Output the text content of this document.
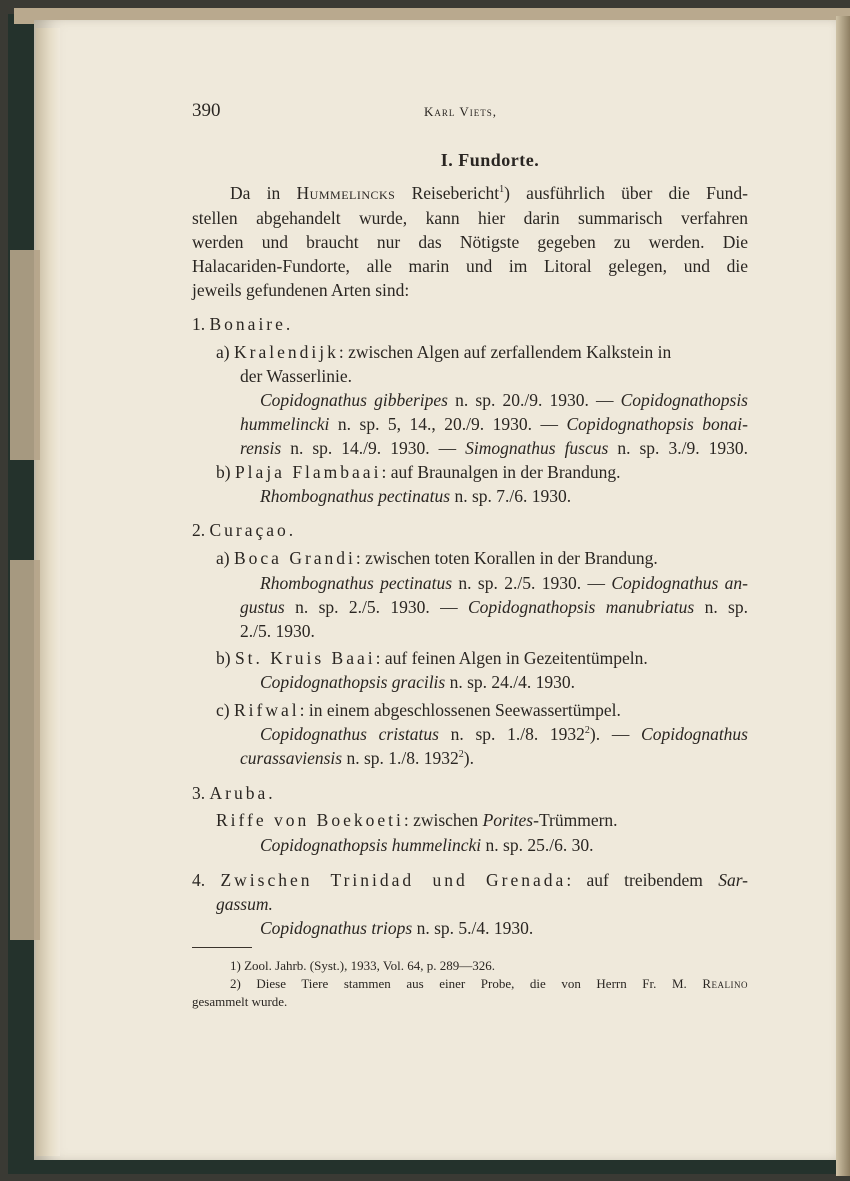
390	Karl Viets,
I. Fundorte.
Da in Hummelincks Reisebericht$^1$) ausführlich über die Fund-
stellen abgehandelt wurde, kann hier darin summarisch verfahren
werden und braucht nur das Nötigste gegeben zu werden. Die
Halacariden-Fundorte, alle marin und im Litoral gelegen, und die
jeweils gefundenen Arten sind:
1. Bonaire.
a) Kralendijk: zwischen Algen auf zerfallendem Kalkstein in
der Wasserlinie.
Copidognathus gibberipes n. sp. 20./9. 1930. — Copidognathopsis
hummelincki n. sp. 5, 14., 20./9. 1930. — Copidognathopsis bonai-
rensis n. sp. 14./9. 1930. — Simognathus fuscus n. sp. 3./9. 1930.
b) Plaja Flambaai: auf Braunalgen in der Brandung.
Rhombognathus pectinatus n. sp. 7./6. 1930.
2. Curaçao.
a) Boca Grandi: zwischen toten Korallen in der Brandung.
Rhombognathus pectinatus n. sp. 2./5. 1930. — Copidognathus an-
gustus n. sp. 2./5. 1930. — Copidognathopsis manubriatus n. sp.
2./5. 1930.
b) St. Kruis Baai: auf feinen Algen in Gezeitentümpeln.
Copidognathopsis gracilis n. sp. 24./4. 1930.
c) Rifwal: in einem abgeschlossenen Seewassertümpel.
Copidognathus cristatus n. sp. 1./8. 1932$^2$). — Copidognathus
curassaviensis n. sp. 1./8. 1932$^2$).
3. Aruba.
Riffe von Boekoeti: zwischen Porites-Trümmern.
Copidognathopsis hummelincki n. sp. 25./6. 30.
4. Zwischen Trinidad und Grenada: auf treibendem Sar-
gassum.
Copidognathus triops n. sp. 5./4. 1930.
1) Zool. Jahrb. (Syst.), 1933, Vol. 64, p. 289—326.
2) Diese Tiere stammen aus einer Probe, die von Herrn Fr. M. Realino
gesammelt wurde.
